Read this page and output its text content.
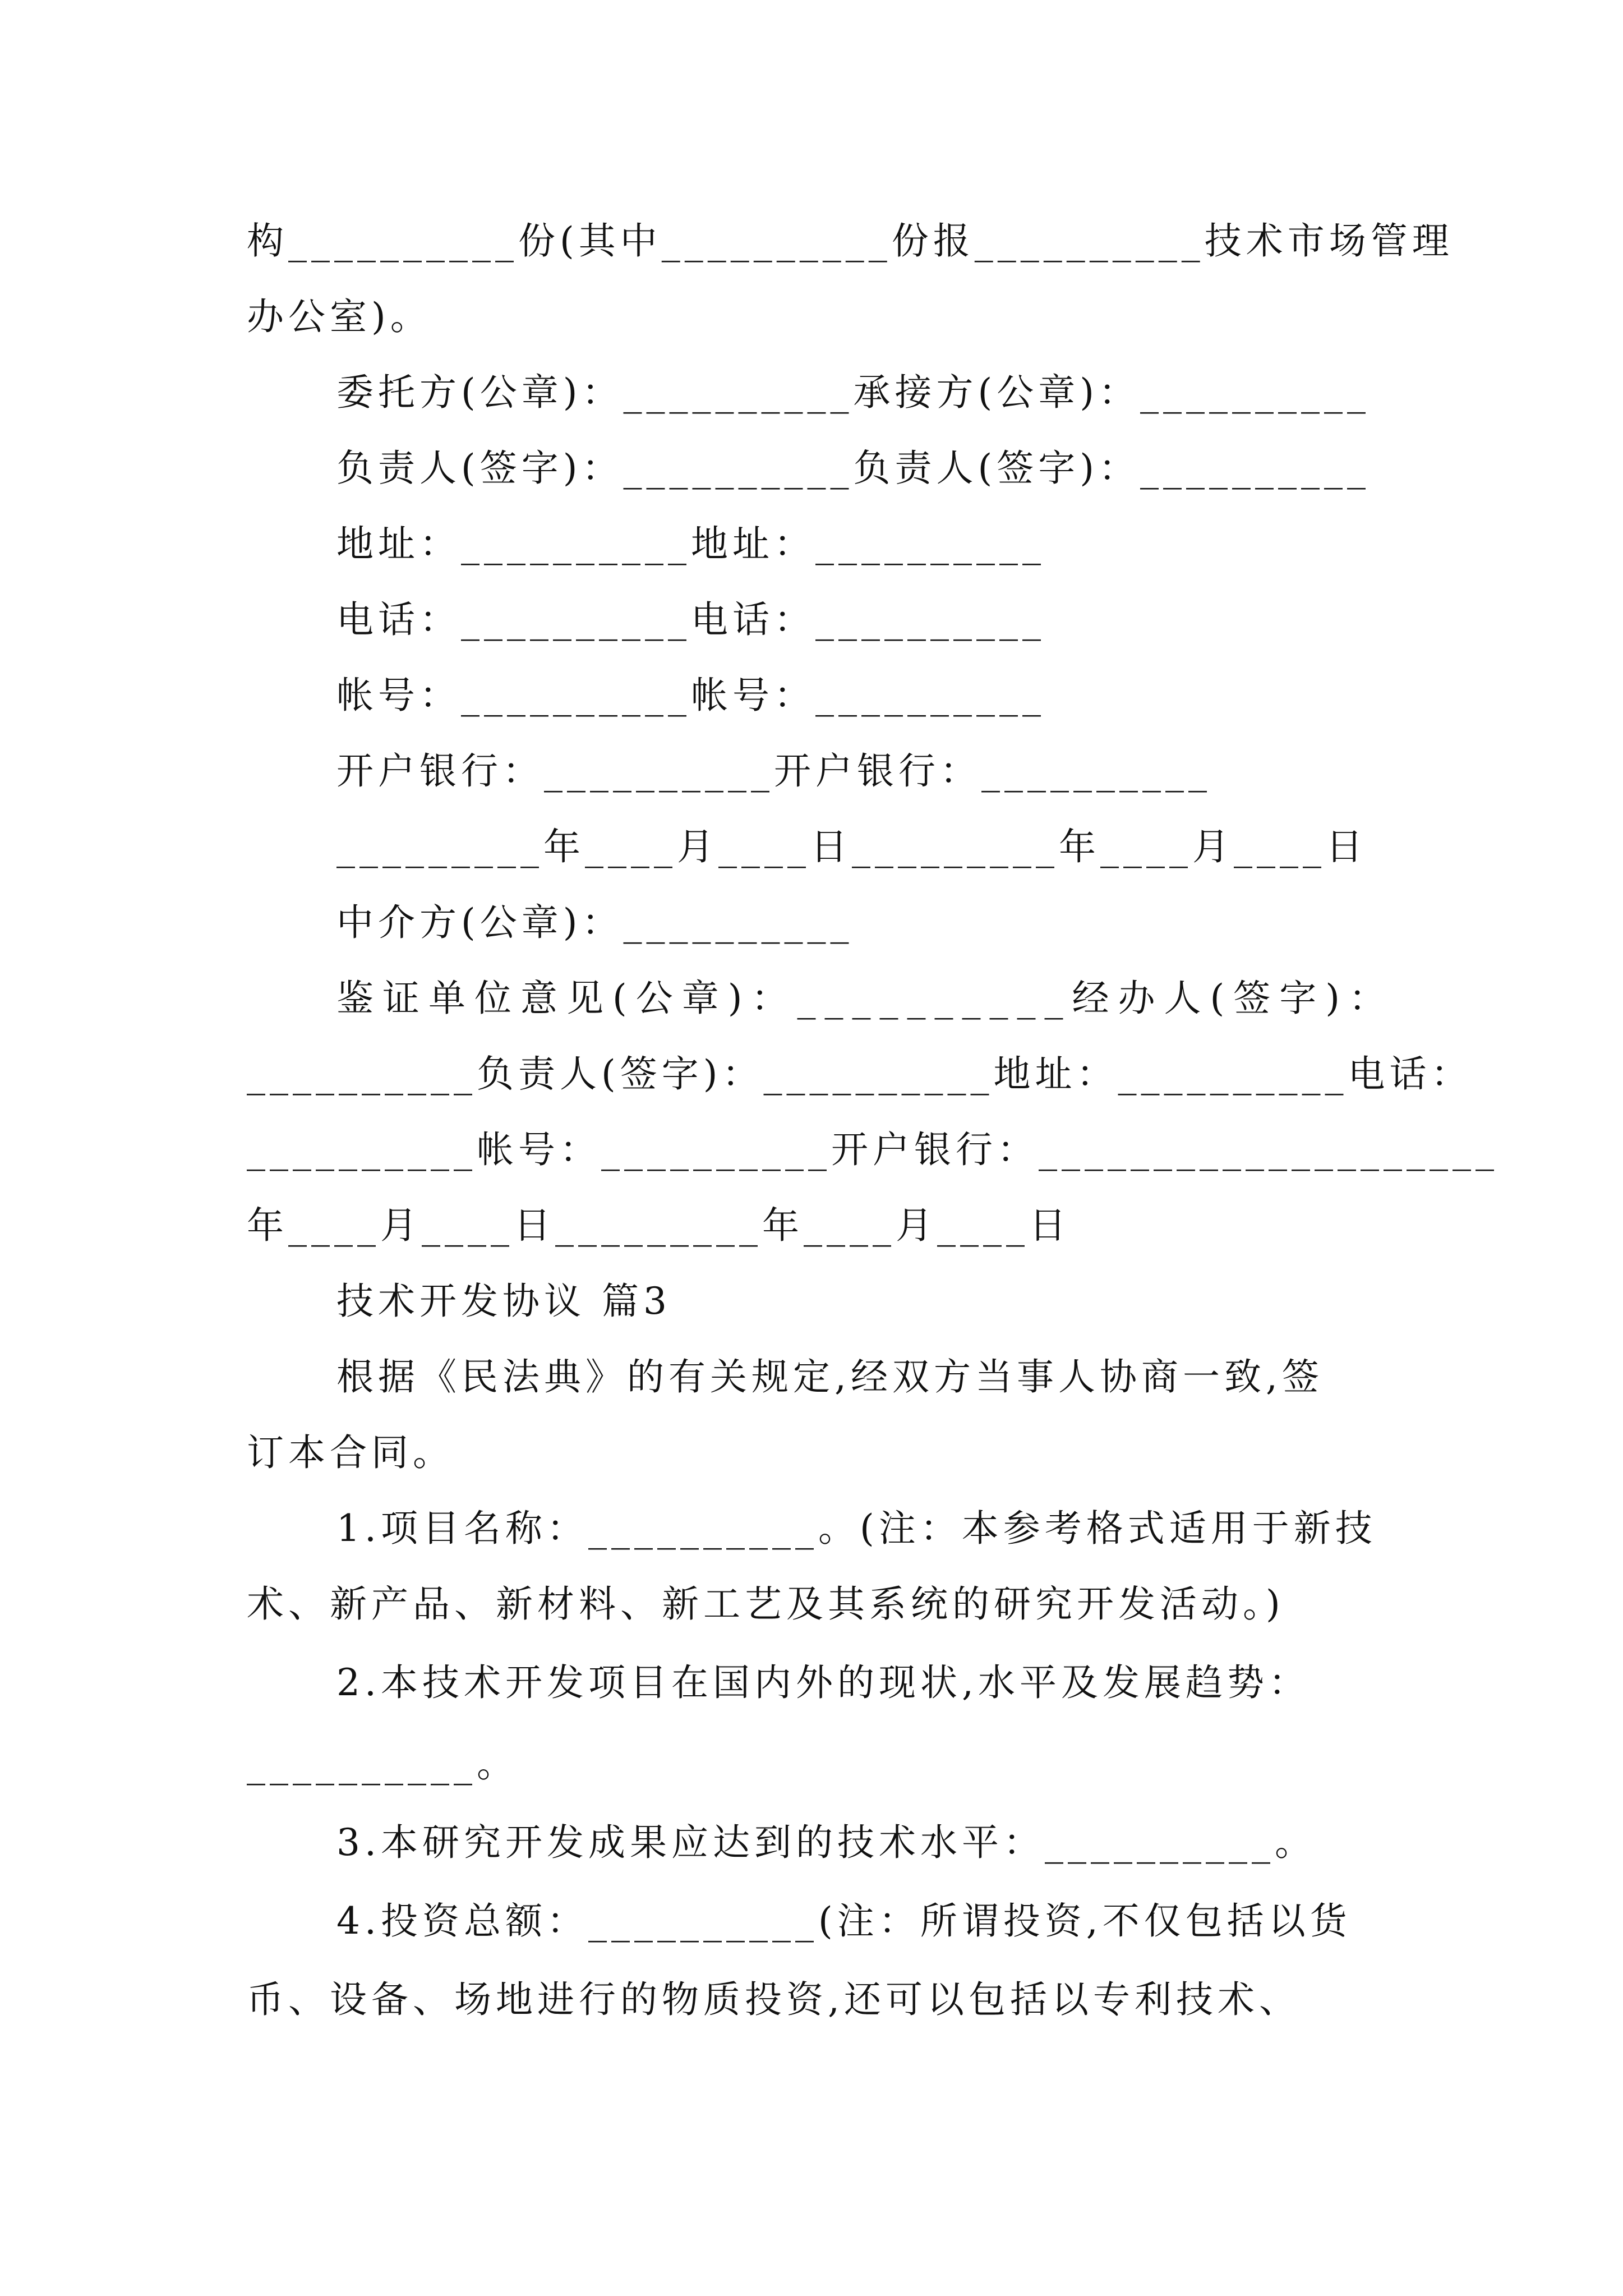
构__________份(其中__________份报__________技术市场管理
办公室)。
委托方(公章)：__________承接方(公章)：__________
负责人(签字)：__________负责人(签字)：__________
地址：__________地址：__________
电话：__________电话：__________
帐号：__________帐号：__________
开户银行：__________开户银行：__________
_________年____月____日_________年____月____日
中介方(公章)：__________
鉴证单位意见(公章)：__________经办人(签字)：
__________负责人(签字)：__________地址：__________电话：
__________帐号：__________开户银行：____________________
年____月____日_________年____月____日
技术开发协议 篇3
根据《民法典》的有关规定,经双方当事人协商一致,签
订本合同。
1.项目名称：__________。(注：本参考格式适用于新技
术、新产品、新材料、新工艺及其系统的研究开发活动。)
2.本技术开发项目在国内外的现状,水平及发展趋势：
__________。
3.本研究开发成果应达到的技术水平：__________。
4.投资总额：__________(注：所谓投资,不仅包括以货
币、设备、场地进行的物质投资,还可以包括以专利技术、
